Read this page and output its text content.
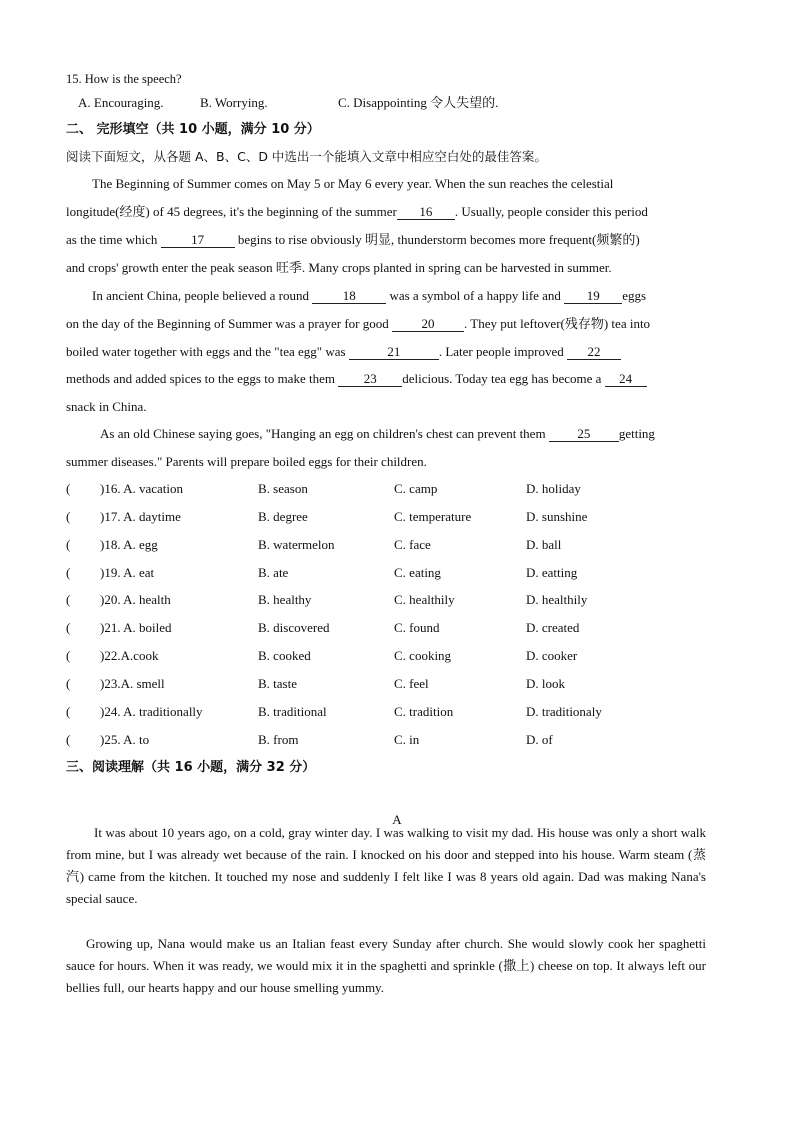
15. How is the speech?
A. Encouraging.	B. Worrying.	C. Disappointing 令人失望的.
二、 完形填空（共 10 小题，满分 10 分）
阅读下面短文，从各题 A、B、C、D 中选出一个能填入文章中相应空白处的最佳答案。
The Beginning of Summer comes on May 5 or May 6 every year. When the sun reaches the celestial
longitude(经度) of 45 degrees, it's the beginning of the summer 16 . Usually, people consider this period
as the time which 17 begins to rise obviously 明显, thunderstorm becomes more frequent(频繁的)
and crops' growth enter the peak season 旺季. Many crops planted in spring can be harvested in summer.
In ancient China, people believed a round 18 was a symbol of a happy life and 19 eggs
on the day of the Beginning of Summer was a prayer for good 20 . They put leftover(残存物) tea into
boiled water together with eggs and the "tea egg" was	21	. Later people improved 22
methods and added spices to the eggs to make them 23 delicious. Today tea egg has become a 24
snack in China.
As an old Chinese saying goes, "Hanging an egg on children's chest can prevent them 25 getting
summer diseases." Parents will prepare boiled eggs for their children.
( )16. A. vacation	B. season	C. camp	D. holiday
( )17. A. daytime	B. degree	C. temperature	D. sunshine
( )18. A. egg	B. watermelon	C. face	D. ball
( )19. A. eat	B. ate	C. eating	D. eatting
( )20. A. health	B. healthy	C. healthily	D. healthily
( )21. A. boiled	B. discovered	C. found	D. created
( )22.A.cook	B. cooked	C. cooking	D. cooker
( )23.A. smell	B. taste	C. feel	D. look
( )24. A. traditionally	B. traditional	C. tradition	D. traditionaly
( )25. A. to	B. from	C. in	D. of
三、阅读理解（共 16 小题，满分 32 分）
A

It was about 10 years ago, on a cold, gray winter day. I was walking to visit my dad. His house was only a short walk from mine, but I was already wet because of the rain. I knocked on his door and stepped into his house. Warm steam (蒸汽) came from the kitchen. It touched my nose and suddenly I felt like I was 8 years old again. Dad was making Nana's special sauce.

Growing up, Nana would make us an Italian feast every Sunday after church. She would slowly cook her spaghetti sauce for hours. When it was ready, we would mix it in the spaghetti and sprinkle (撒上) cheese on top. It always left our bellies full, our hearts happy and our house smelling yummy.
